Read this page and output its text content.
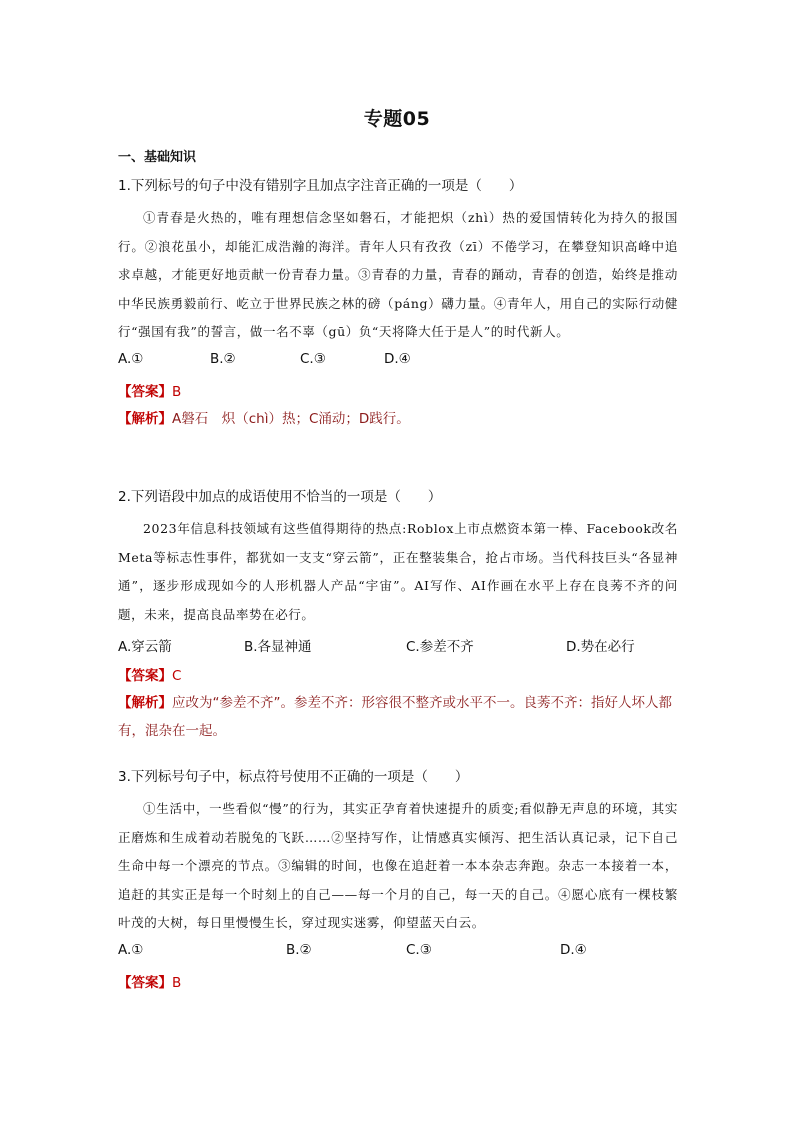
专题05
一、基础知识
1.下列标号的句子中没有错别字且加点字注音正确的一项是（　　）
①青春是火热的，唯有理想信念坚如磐石，才能把炽（zhì）热的爱国情转化为持久的报国行。②浪花虽小，却能汇成浩瀚的海洋。青年人只有孜孜（zī）不倦学习，在攀登知识高峰中追求卓越，才能更好地贡献一份青春力量。③青春的力量，青春的踊动，青春的创造，始终是推动中华民族勇毅前行、屹立于世界民族之林的磅（páng）礴力量。④青年人，用自己的实际行动健行“强国有我”的誓言，做一名不辜（gū）负“天将降大任于是人”的时代新人。
A.①	B.②	C.③	D.④
【答案】B
【解析】A磐石　炽（chì）热；C涌动；D践行。
2.下列语段中加点的成语使用不恰当的一项是（　　）
2023年信息科技领域有这些值得期待的热点:Roblox上市点燃资本第一棒、Facebook改名Meta等标志性事件，都犹如一支支“穿云箭”，正在整装集合，抢占市场。当代科技巨头“各显神通”，逐步形成现如今的人形机器人产品“宇宙”。AI写作、AI作画在水平上存在良莠不齐的问题，未来，提高良品率势在必行。
A.穿云箭	B.各显神通	C.参差不齐	D.势在必行
【答案】C
【解析】应改为“参差不齐”。参差不齐：形容很不整齐或水平不一。良莠不齐：指好人坏人都有，混杂在一起。
3.下列标号句子中，标点符号使用不正确的一项是（　　）
①生活中，一些看似“慢”的行为，其实正孕育着快速提升的质变;看似静无声息的环境，其实正磨炼和生成着动若脱兔的飞跃……②坚持写作，让情感真实倾泻、把生活认真记录，记下自己生命中每一个漂亮的节点。③编辑的时间，也像在追赶着一本本杂志奔跑。杂志一本接着一本，追赶的其实正是每一个时刻上的自己——每一个月的自己，每一天的自己。④愿心底有一棵枝繁叶茂的大树，每日里慢慢生长，穿过现实迷雾，仰望蓝天白云。
A.①	B.②	C.③	D.④
【答案】B
